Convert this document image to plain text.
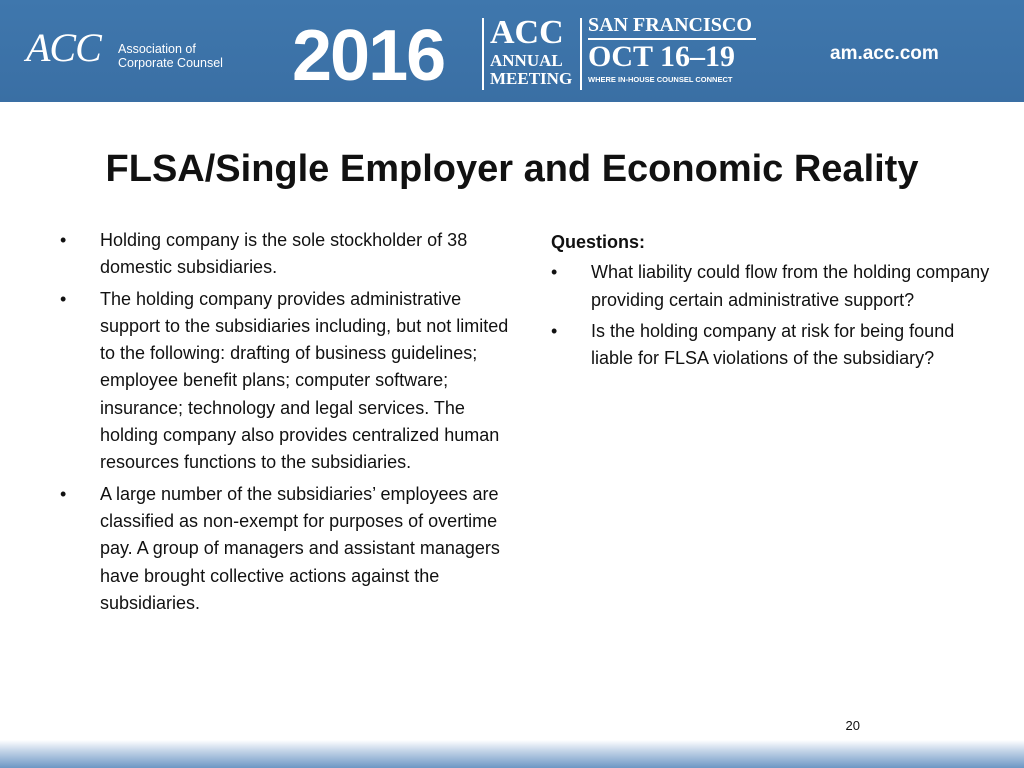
ACC Association of
Corporate Counsel 2016 ACC
ANNUAL
MEETING
SAN FRANCISCO
OCT 16–19
WHERE IN-HOUSE COUNSEL CONNECT
am.acc.com
FLSA/Single Employer and Economic Reality
• Holding company is the sole stockholder of 38 domestic subsidiaries.
• The holding company provides administrative support to the subsidiaries including, but not limited to the following: drafting of business guidelines; employee benefit plans; computer software; insurance; technology and legal services. The holding company also provides centralized human resources functions to the subsidiaries.
• A large number of the subsidiaries’ employees are classified as non-exempt for purposes of overtime pay. A group of managers and assistant managers have brought collective actions against the subsidiaries.
Questions:
• What liability could flow from the holding company providing certain administrative support?
• Is the holding company at risk for being found liable for FLSA violations of the subsidiary?
20
